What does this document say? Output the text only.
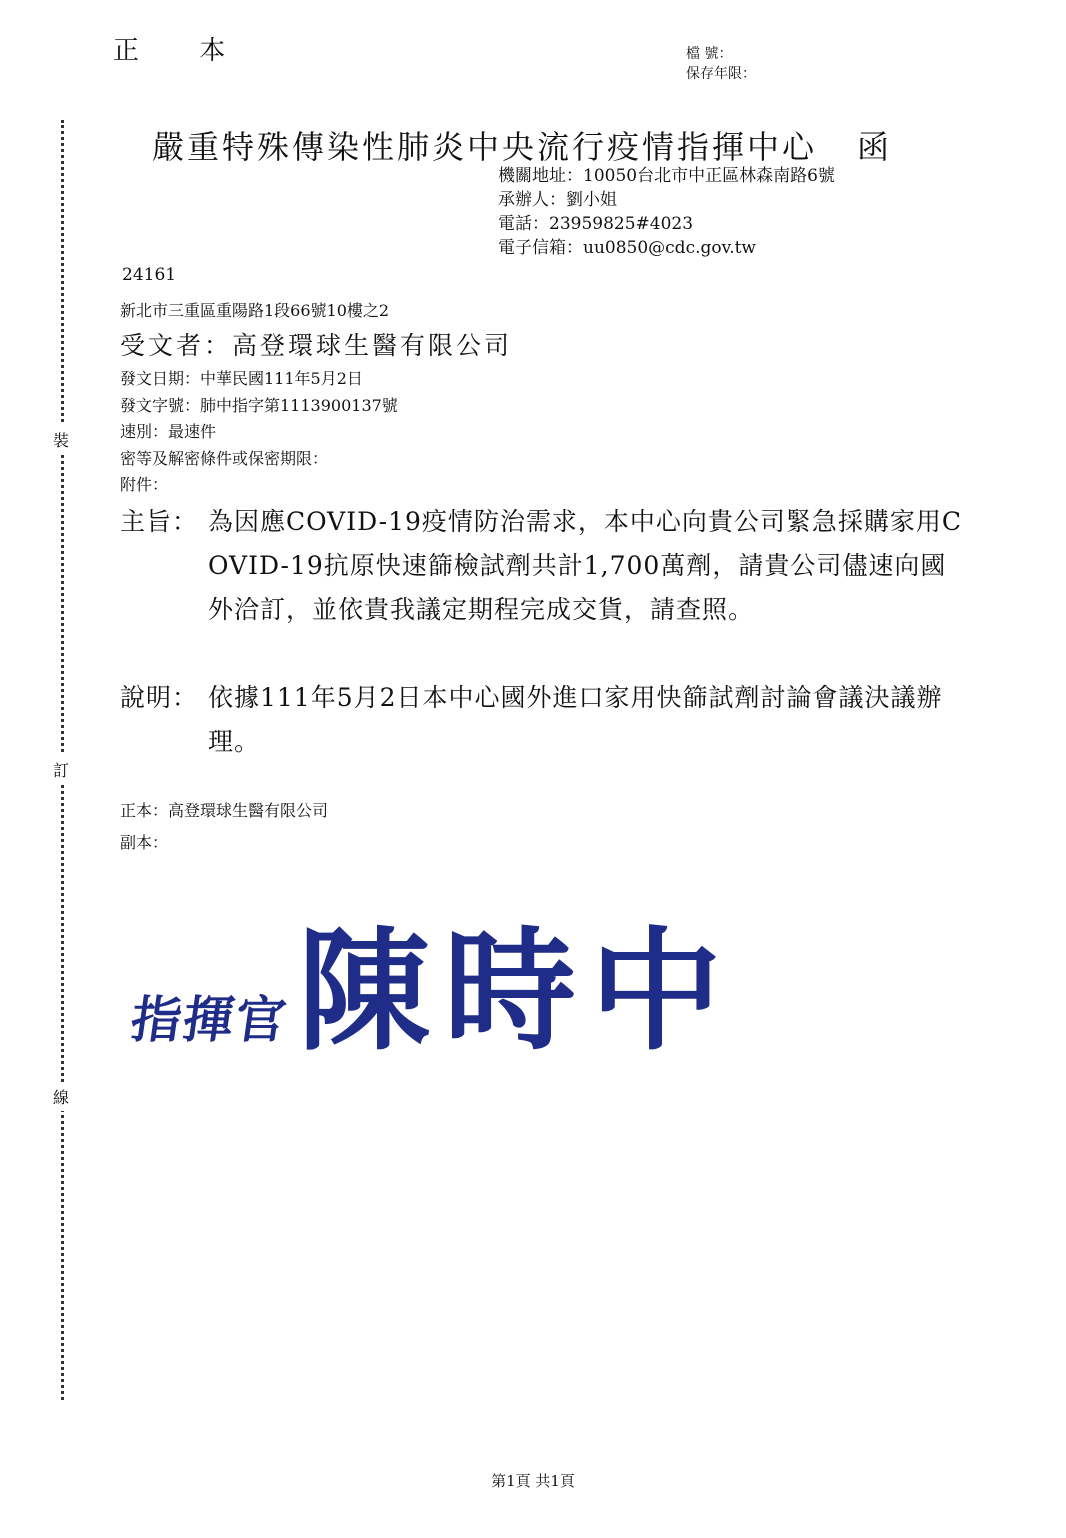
正 本	檔 號：
保存年限：
裝
訂
線
嚴重特殊傳染性肺炎中央流行疫情指揮中心 函
機關地址：10050台北市中正區林森南路6號
承辦人：劉小姐
電話：23959825#4023
電子信箱：uu0850@cdc.gov.tw
24161
新北市三重區重陽路1段66號10樓之2
受文者：高登環球生醫有限公司
發文日期：中華民國111年5月2日
發文字號：肺中指字第1113900137號
速別：最速件
密等及解密條件或保密期限：
附件：
主旨： 為因應COVID-19疫情防治需求，本中心向貴公司緊急採購家用COVID-19抗原快速篩檢試劑共計1,700萬劑，請貴公司儘速向國外洽訂，並依貴我議定期程完成交貨，請查照。
說明： 依據111年5月2日本中心國外進口家用快篩試劑討論會議決議辦理。
正本：高登環球生醫有限公司
副本：
指揮官陳時中
第1頁 共1頁
